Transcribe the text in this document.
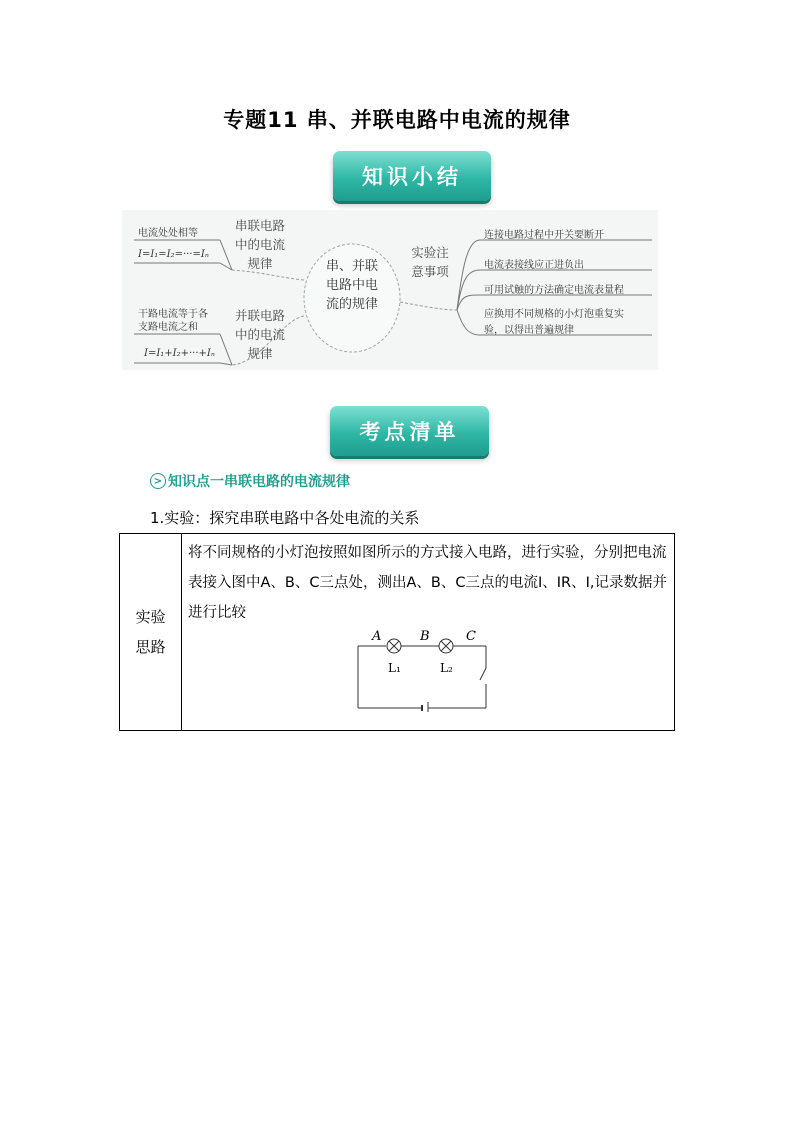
专题11 串、并联电路中电流的规律
知识小结
串、并联
电路中电
流的规律
串联电路
中的电流
规律
电流处处相等
I=I₁=I₂=···=Iₙ
并联电路
中的电流
规律
干路电流等于各
支路电流之和
I=I₁+I₂+···+Iₙ
实验注
意事项
连接电路过程中开关要断开
电流表接线应正进负出
可用试触的方法确定电流表量程
应换用不同规格的小灯泡重复实
验，以得出普遍规律
考点清单
> 知识点一串联电路的电流规律
1.实验：探究串联电路中各处电流的关系
实验
思路

将不同规格的小灯泡按照如图所示的方式接入电路，进行实验，分别把电流表接入图中A、B、C三点处，测出A、B、C三点的电流I、IR、I,记录数据并进行比较
A	B	C
L₁	L₂
